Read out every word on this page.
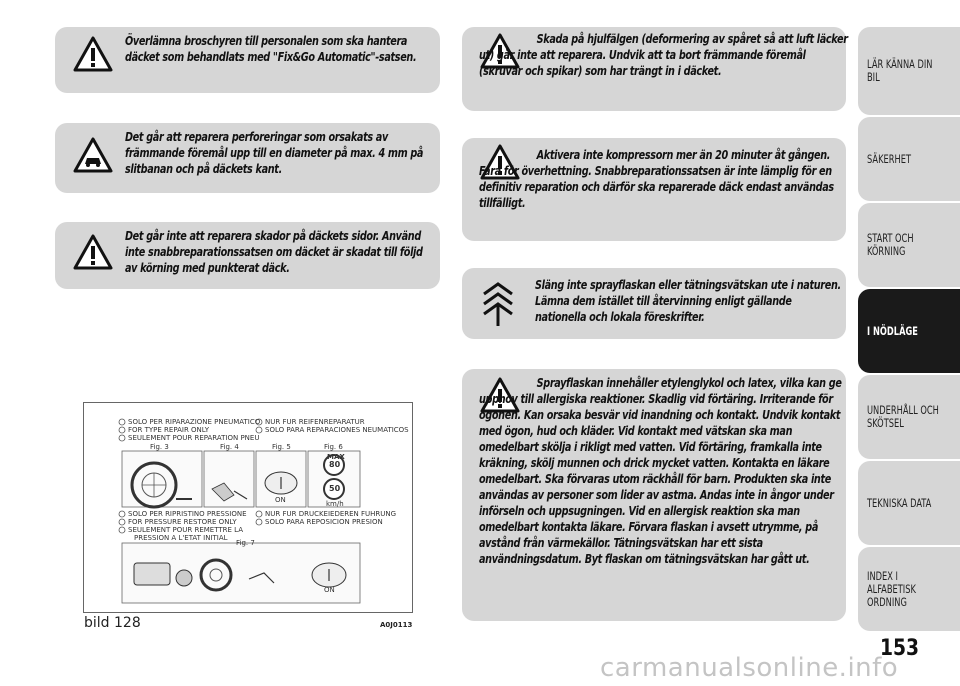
Överlämna broschyren till personalen som ska hantera däcket som behandlats med "Fix&Go Automatic"-satsen.
Det går att reparera perforeringar som orsakats av främmande föremål upp till en diameter på max. 4 mm på slitbanan och på däckets kant.
Det går inte att reparera skador på däckets sidor. Använd inte snabbreparationssatsen om däcket är skadat till följd av körning med punkterat däck.
SOLO PER RIPARAZIONE PNEUMATICO
FOR TYPE REPAIR ONLY
SEULEMENT POUR REPARATION PNEU
NUR FUR REIFENREPARATUR
SOLO PARA REPARACIONES NEUMATICOS
Fig. 3	Fig. 4	Fig. 5	Fig. 6
MAX
80
50
km/h
ON
SOLO PER RIPRISTINO PRESSIONE
FOR PRESSURE RESTORE ONLY
SEULEMENT POUR REMETTRE LA
PRESSION A L'ETAT INITIAL
NUR FUR DRUCKEIEDEREN FUHRUNG
SOLO PARA REPOSICION PRESION
Fig. 7
ON
bild 128	A0J0113
Skada på hjulfälgen (deformering av spåret så att luft läcker ut) går inte att reparera. Undvik att ta bort främmande föremål (skruvar och spikar) som har trängt in i däcket.
Aktivera inte kompressorn mer än 20 minuter åt gången. Fara för överhettning. Snabbreparationssatsen är inte lämplig för en definitiv reparation och därför ska reparerade däck endast användas tillfälligt.
Släng inte sprayflaskan eller tätningsvätskan ute i naturen. Lämna dem istället till återvinning enligt gällande nationella och lokala föreskrifter.
Sprayflaskan innehåller etylenglykol och latex, vilka kan ge upphov till allergiska reaktioner. Skadlig vid förtäring. Irriterande för ögonen. Kan orsaka besvär vid inandning och kontakt. Undvik kontakt med ögon, hud och kläder. Vid kontakt med vätskan ska man omedelbart skölja i rikligt med vatten. Vid förtäring, framkalla inte kräkning, skölj munnen och drick mycket vatten. Kontakta en läkare omedelbart. Ska förvaras utom räckhåll för barn. Produkten ska inte användas av personer som lider av astma. Andas inte in ångor under införseln och uppsugningen. Vid en allergisk reaktion ska man omedelbart kontakta läkare. Förvara flaskan i avsett utrymme, på avstånd från värmekällor. Tätningsvätskan har ett sista användningsdatum. Byt flaskan om tätningsvätskan har gått ut.
LÄR KÄNNA DIN BIL
SÄKERHET
START OCH
KÖRNING
I NÖDLÄGE
UNDERHÅLL OCH
SKÖTSEL
TEKNISKA DATA
INDEX I ALFABETISK
ORDNING
153
carmanualsonline.info
